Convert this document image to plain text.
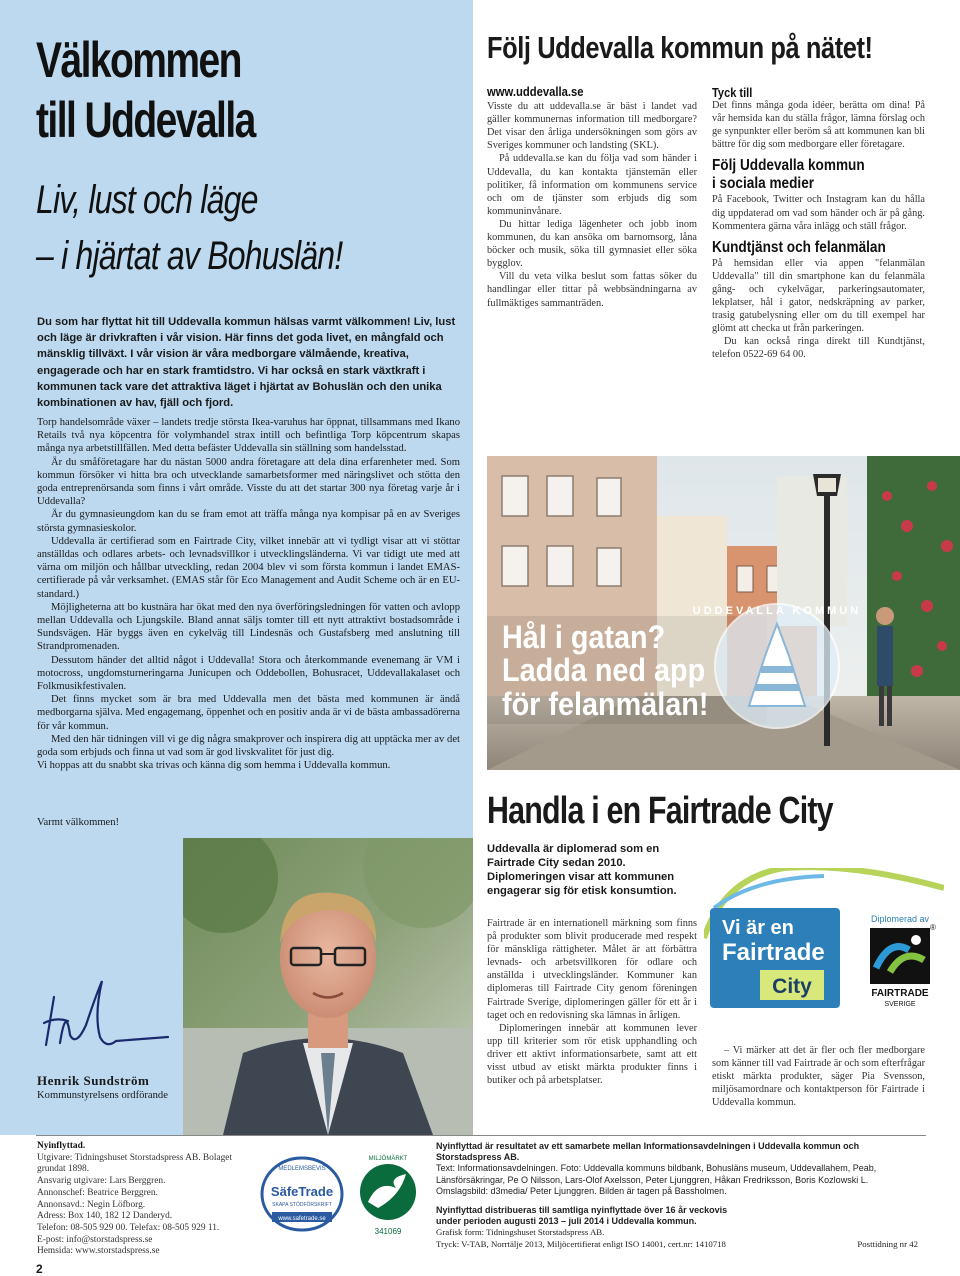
Välkommen
till Uddevalla
Liv, lust och läge
– i hjärtat av Bohuslän!

Du som har flyttat hit till Uddevalla kommun hälsas varmt välkommen! Liv, lust och läge är drivkraften i vår vision. Här finns det goda livet, en mångfald och mänsklig tillväxt. I vår vision är våra medborgare välmående, kreativa, engagerade och har en stark framtidstro. Vi har också en stark växtkraft i kommunen tack vare det attraktiva läget i hjärtat av Bohuslän och den unika kombinationen av hav, fjäll och fjord.

Torp handelsområde växer – landets tredje största Ikea-varuhus har öppnat, tillsammans med Ikano Retails två nya köpcentra för volymhandel strax intill och befintliga Torp köpcentrum skapas många nya arbetstillfällen. Med detta befäster Uddevalla sin ställning som handelsstad.

Är du småföretagare har du nästan 5000 andra företagare att dela dina erfarenheter med. Som kommun försöker vi hitta bra och utvecklande samarbetsformer med näringslivet och stötta den goda entreprenörsanda som finns i vårt område. Visste du att det startar 300 nya företag varje år i Uddevalla?

Är du gymnasieungdom kan du se fram emot att träffa många nya kompisar på en av Sveriges största gymnasieskolor.

Uddevalla är certifierad som en Fairtrade City, vilket innebär att vi tydligt visar att vi stöttar anställdas och odlares arbets- och levnadsvillkor i utvecklingsländerna. Vi var tidigt ute med att värna om miljön och hållbar utveckling, redan 2004 blev vi som första kommun i landet EMAS-certifierade på vår verksamhet. (EMAS står för Eco Management and Audit Scheme och är en EU-standard.)

Möjligheterna att bo kustnära har ökat med den nya överföringsledningen för vatten och avlopp mellan Uddevalla och Ljungskile. Bland annat säljs tomter till ett nytt attraktivt bostadsområde i Sundsvägen. Här byggs även en cykelväg till Lindesnäs och Gustafsberg med anslutning till Strandpromenaden.

Dessutom händer det alltid något i Uddevalla! Stora och återkommande evenemang är VM i motocross, ungdomsturneringarna Junicupen och Oddebollen, Bohusracet, Uddevallakalaset och Folkmusikfestivalen.

Det finns mycket som är bra med Uddevalla men det bästa med kommunen är ändå medborgarna själva. Med engagemang, öppenhet och en positiv anda är vi de bästa ambassadörerna för vår kommun.

Med den här tidningen vill vi ge dig några smakprover och inspirera dig att upptäcka mer av det goda som erbjuds och finna ut vad som är god livskvalitet för just dig.

Vi hoppas att du snabbt ska trivas och känna dig som hemma i Uddevalla kommun.

Varmt välkommen!
Henrik Sundström
Kommunstyrelsens ordförande
Följ Uddevalla kommun på nätet!
www.uddevalla.se

Visste du att uddevalla.se är bäst i landet vad gäller kommunernas information till medborgare? Det visar den årliga undersökningen som görs av Sveriges kommuner och landsting (SKL).

På uddevalla.se kan du följa vad som händer i Uddevalla, du kan kontakta tjänstemän eller politiker, få information om kommunens service och om de tjänster som erbjuds dig som kommuninvånare.

Du hittar lediga lägenheter och jobb inom kommunen, du kan ansöka om barnomsorg, låna böcker och musik, söka till gymnasiet eller söka bygglov.

Vill du veta vilka beslut som fattas söker du handlingar eller tittar på webbsändningarna av fullmäktiges sammanträden.

Tyck till

Det finns många goda idéer, berätta om dina! På vår hemsida kan du ställa frågor, lämna förslag och ge synpunkter eller beröm så att kommunen kan bli bättre för dig som medborgare eller företagare.

Följ Uddevalla kommun
i sociala medier

På Facebook, Twitter och Instagram kan du hålla dig uppdaterad om vad som händer och är på gång. Kommentera gärna våra inlägg och ställ frågor.

Kundtjänst och felanmälan

På hemsidan eller via appen "felanmälan Uddevalla" till din smartphone kan du felanmäla gång- och cykelvägar, parkeringsautomater, lekplatser, hål i gator, nedskräpning av parker, trasig gatubelysning eller om du till exempel har glömt att checka ut från parkeringen.

Du kan också ringa direkt till Kundtjänst, telefon 0522-69 64 00.

UDDEVALLA KOMMUN
Hål i gatan?
Ladda ned app
för felanmälan!
Handla i en Fairtrade City

Uddevalla är diplomerad som en Fairtrade City sedan 2010. Diplomeringen visar att kommunen engagerar sig för etisk konsumtion.

Fairtrade är en internationell märkning som finns på produkter som blivit producerade med respekt för mänskliga rättigheter. Målet är att förbättra levnads- och arbetsvillkoren för odlare och anställda i utvecklingsländer. Kommuner kan diplomeras till Fairtrade City genom föreningen Fairtrade Sverige, diplomeringen gäller för ett år i taget och en redovisning ska lämnas in årligen.

Diplomeringen innebär att kommunen lever upp till kriterier som rör etisk upphandling och driver ett aktivt informationsarbete, samt att ett visst utbud av etiskt märkta produkter finns i butiker och på arbetsplatser.

Vi är en
Fairtrade
City
Diplomerad av
®
FAIRTRADE
SVERIGE

– Vi märker att det är fler och fler medborgare som känner till vad Fairtrade är och som efterfrågar etiskt märkta produkter, säger Pia Svensson, miljösamordnare och kontaktperson för Fairtrade i Uddevalla kommun.

Nyinflyttad.
Utgivare: Tidningshuset Storstadspress AB. Bolaget grundat 1898.
Ansvarig utgivare: Lars Berggren.
Annonschef: Beatrice Berggren.
Annonsavd.: Negin Löfborg.
Adress: Box 140, 182 12 Danderyd.
Telefon: 08-505 929 00. Telefax: 08-505 929 11.
E-post: info@storstadspress.se
Hemsida: www.storstadspress.se
MEDLEMSBEVIS
SäfeTrade
SKAPA STÖDFÖRSKRIFT
www.safetrade.se
MILJÖMÄRKT
341069
Nyinflyttad är resultatet av ett samarbete mellan Informationsavdelningen i Uddevalla kommun och Storstadspress AB.
Text: Informationsavdelningen. Foto: Uddevalla kommuns bildbank, Bohusläns museum, Uddevallahem, Peab, Länsförsäkringar, Pe O Nilsson, Lars-Olof Axelsson, Peter Ljunggren, Håkan Fredriksson, Boris Kozlowski L.
Omslagsbild: d3media/ Peter Ljunggren. Bilden är tagen på Bassholmen.
Nyinflyttad distribueras till samtliga nyinflyttade över 16 år veckovis
under perioden augusti 2013 – juli 2014 i Uddevalla kommun.
Grafisk form: Tidningshuset Storstadspress AB.
Tryck: V-TAB, Norrtälje 2013, Miljöcertifierat enligt ISO 14001, cert.nr: 1410718	Posttidning nr 42
2
